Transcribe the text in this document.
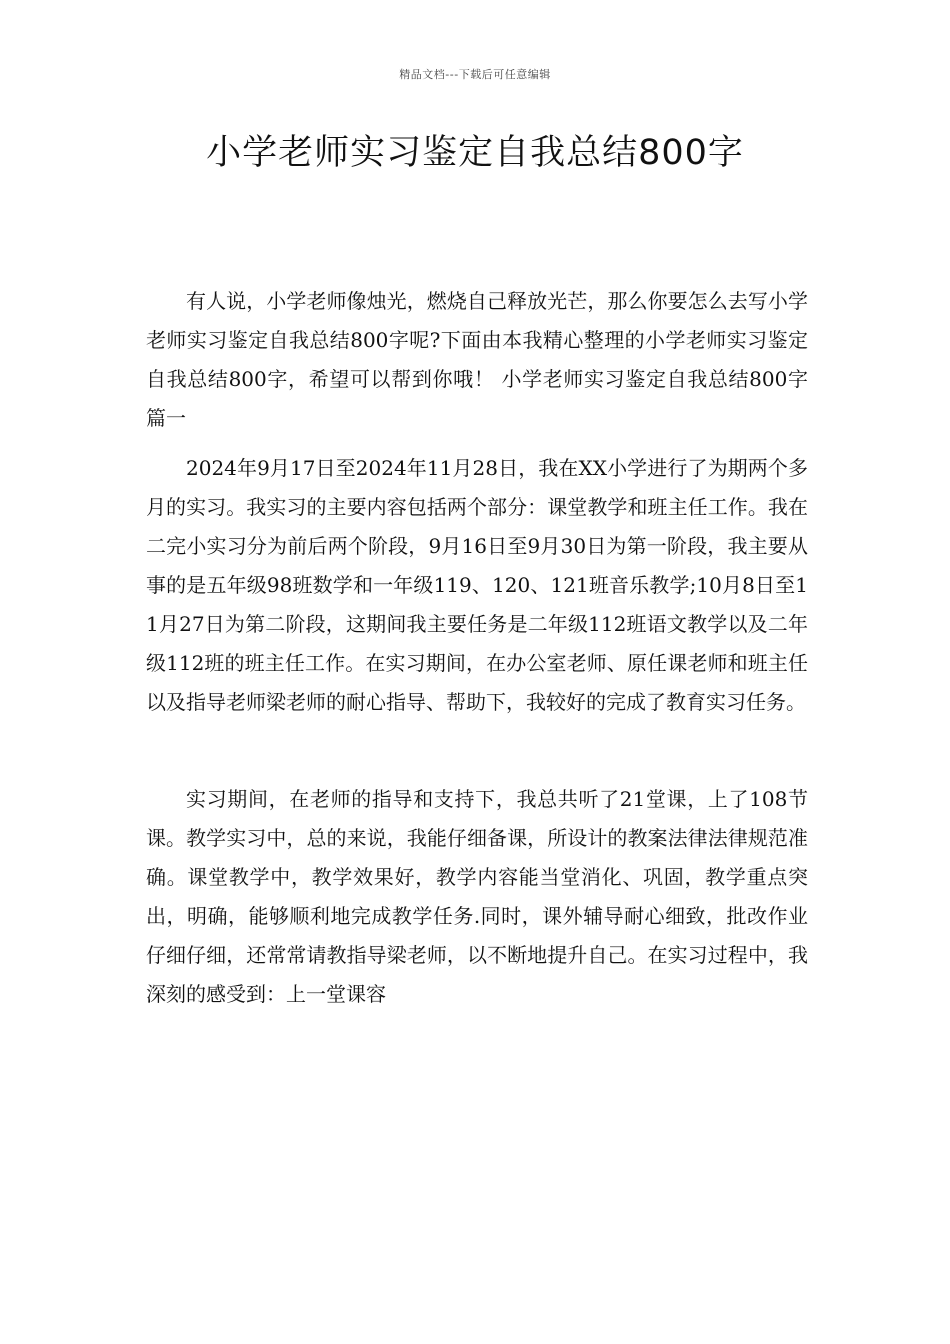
精品文档---下载后可任意编辑
小学老师实习鉴定自我总结800字

有人说，小学老师像烛光，燃烧自己释放光芒，那么你要怎么去写小学老师实习鉴定自我总结800字呢?下面由本我精心整理的小学老师实习鉴定自我总结800字，希望可以帮到你哦！ 小学老师实习鉴定自我总结800字篇一

2024年9月17日至2024年11月28日，我在XX小学进行了为期两个多月的实习。我实习的主要内容包括两个部分：课堂教学和班主任工作。我在二完小实习分为前后两个阶段，9月16日至9月30日为第一阶段，我主要从事的是五年级98班数学和一年级119、120、121班音乐教学;10月8日至11月27日为第二阶段，这期间我主要任务是二年级112班语文教学以及二年级112班的班主任工作。在实习期间，在办公室老师、原任课老师和班主任以及指导老师梁老师的耐心指导、帮助下，我较好的完成了教育实习任务。

实习期间，在老师的指导和支持下，我总共听了21堂课，上了108节课。教学实习中，总的来说，我能仔细备课，所设计的教案法律法律规范准确。课堂教学中，教学效果好，教学内容能当堂消化、巩固，教学重点突出，明确，能够顺利地完成教学任务.同时，课外辅导耐心细致，批改作业仔细仔细，还常常请教指导梁老师，以不断地提升自己。在实习过程中，我深刻的感受到：上一堂课容
